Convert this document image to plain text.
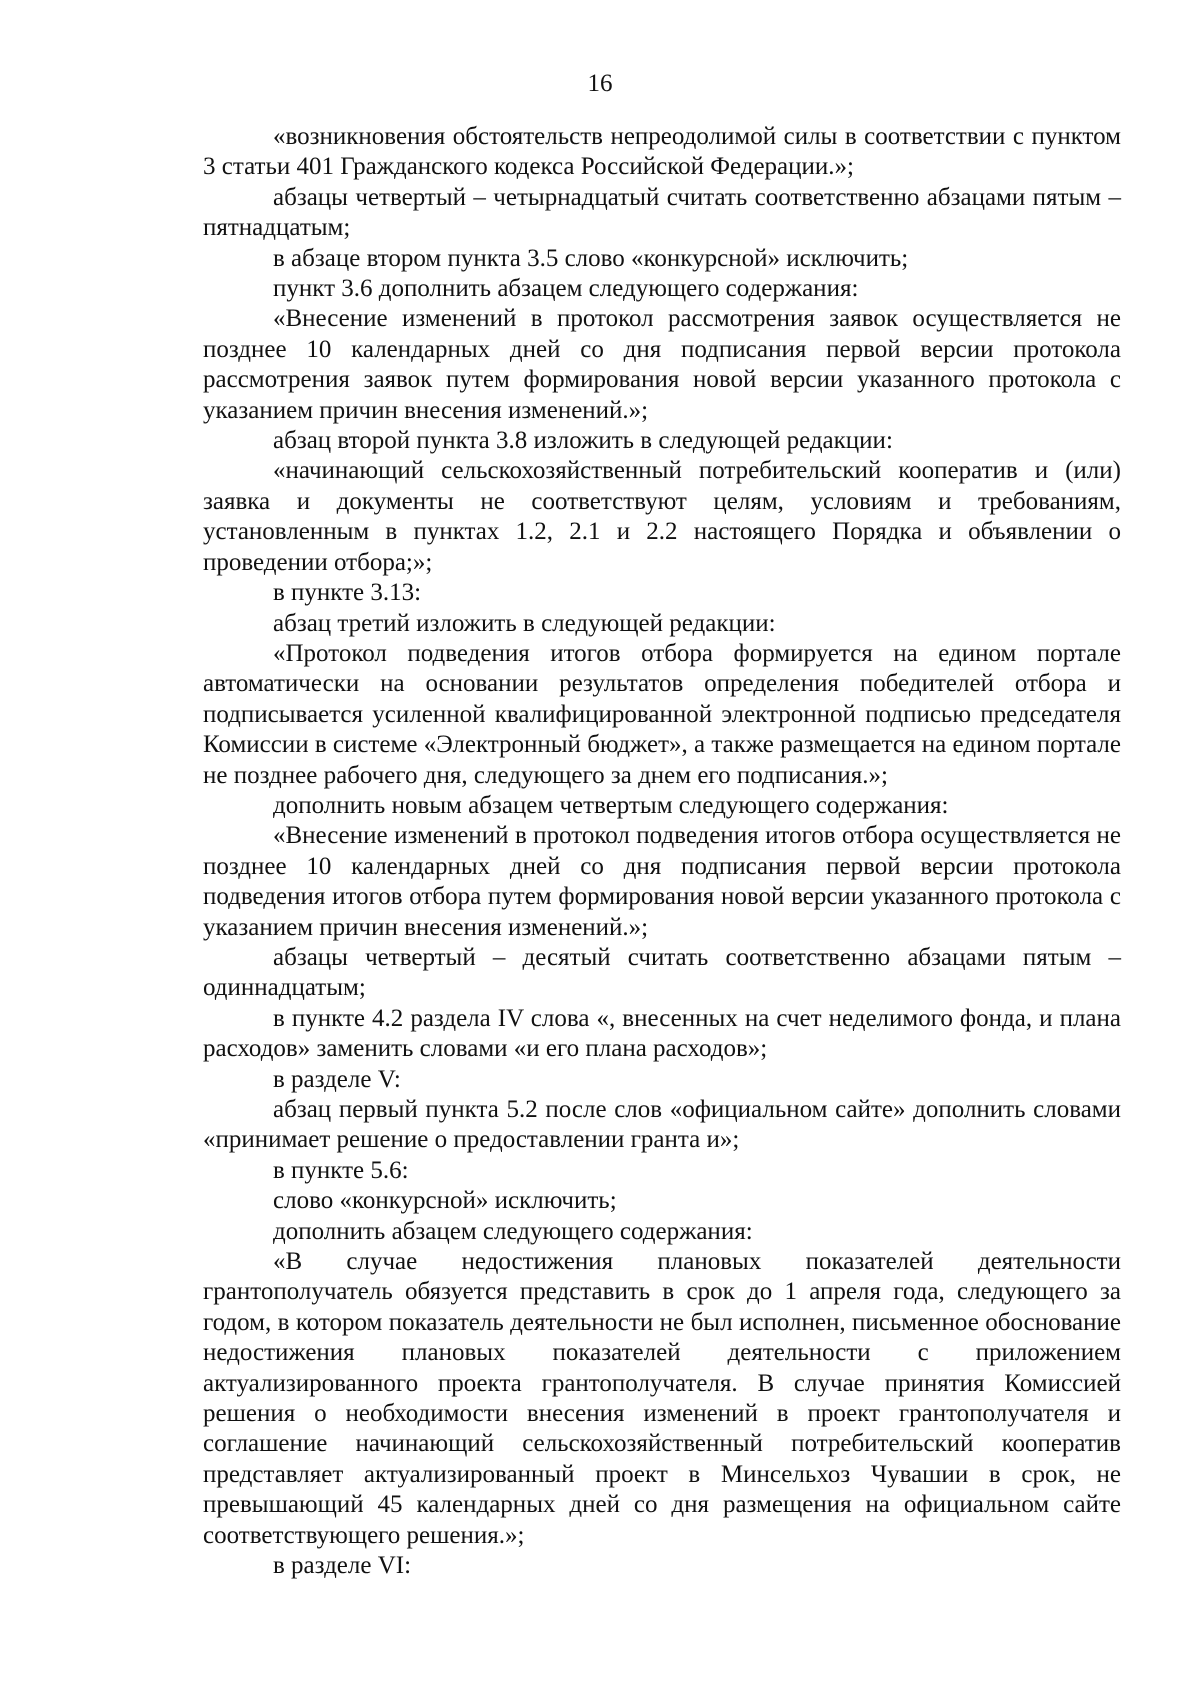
16

«возникновения обстоятельств непреодолимой силы в соответствии с пунктом 3 статьи 401 Гражданского кодекса Российской Федерации.»;

абзацы четвертый – четырнадцатый считать соответственно абзацами пятым – пятнадцатым;

в абзаце втором пункта 3.5 слово «конкурсной» исключить;

пункт 3.6 дополнить абзацем следующего содержания:

«Внесение изменений в протокол рассмотрения заявок осуществляется не позднее 10 календарных дней со дня подписания первой версии протокола рассмотрения заявок путем формирования новой версии указанного протокола с указанием причин внесения изменений.»;

абзац второй пункта 3.8 изложить в следующей редакции:

«начинающий сельскохозяйственный потребительский кооператив и (или) заявка и документы не соответствуют целям, условиям и требованиям, установленным в пунктах 1.2, 2.1 и 2.2 настоящего Порядка и объявлении о проведении отбора;»;

в пункте 3.13:

абзац третий изложить в следующей редакции:

«Протокол подведения итогов отбора формируется на едином портале автоматически на основании результатов определения победителей отбора и подписывается усиленной квалифицированной электронной подписью председателя Комиссии в системе «Электронный бюджет», а также размещается на едином портале не позднее рабочего дня, следующего за днем его подписания.»;

дополнить новым абзацем четвертым следующего содержания:

«Внесение изменений в протокол подведения итогов отбора осуществляется не позднее 10 календарных дней со дня подписания первой версии протокола подведения итогов отбора путем формирования новой версии указанного протокола с указанием причин внесения изменений.»;

абзацы четвертый – десятый считать соответственно абзацами пятым – одиннадцатым;

в пункте 4.2 раздела IV слова «, внесенных на счет неделимого фонда, и плана расходов» заменить словами «и его плана расходов»;

в разделе V:

абзац первый пункта 5.2 после слов «официальном сайте» дополнить словами «принимает решение о предоставлении гранта и»;

в пункте 5.6:

слово «конкурсной» исключить;

дополнить абзацем следующего содержания:

«В случае недостижения плановых показателей деятельности грантополучатель обязуется представить в срок до 1 апреля года, следующего за годом, в котором показатель деятельности не был исполнен, письменное обоснование недостижения плановых показателей деятельности с приложением актуализированного проекта грантополучателя. В случае принятия Комиссией решения о необходимости внесения изменений в проект грантополучателя и соглашение начинающий сельскохозяйственный потребительский кооператив представляет актуализированный проект в Минсельхоз Чувашии в срок, не превышающий 45 календарных дней со дня размещения на официальном сайте соответствующего решения.»;

в разделе VI:
